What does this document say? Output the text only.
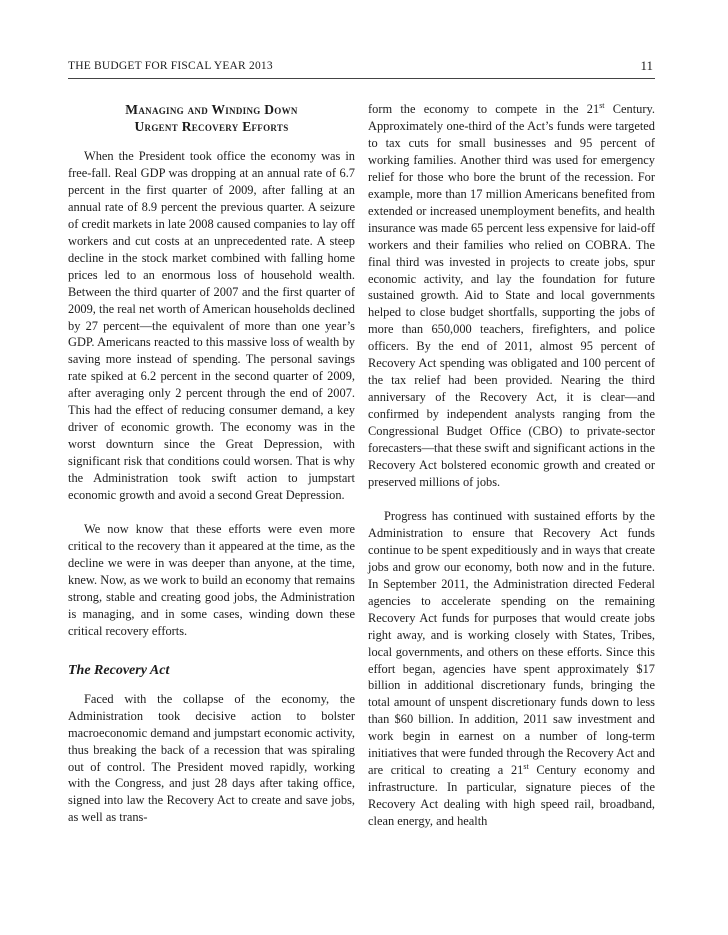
THE BUDGET FOR FISCAL YEAR 2013	11
Managing and Winding Down
Urgent Recovery Efforts

When the President took office the economy was in free-fall. Real GDP was dropping at an annual rate of 6.7 percent in the first quarter of 2009, after falling at an annual rate of 8.9 percent the previous quarter. A seizure of credit markets in late 2008 caused companies to lay off workers and cut costs at an unprecedented rate. A steep decline in the stock market combined with falling home prices led to an enormous loss of household wealth. Between the third quarter of 2007 and the first quarter of 2009, the real net worth of American households declined by 27 percent—the equivalent of more than one year’s GDP. Americans reacted to this massive loss of wealth by saving more instead of spending. The personal savings rate spiked at 6.2 percent in the second quarter of 2009, after averaging only 2 percent through the end of 2007. This had the effect of reducing consumer demand, a key driver of economic growth. The economy was in the worst downturn since the Great Depression, with significant risk that conditions could worsen. That is why the Administration took swift action to jumpstart economic growth and avoid a second Great Depression.

We now know that these efforts were even more critical to the recovery than it appeared at the time, as the decline we were in was deeper than anyone, at the time, knew. Now, as we work to build an economy that remains strong, stable and creating good jobs, the Administration is managing, and in some cases, winding down these critical recovery efforts.

The Recovery Act

Faced with the collapse of the economy, the Administration took decisive action to bolster macroeconomic demand and jumpstart economic activity, thus breaking the back of a recession that was spiraling out of control. The President moved rapidly, working with the Congress, and just 28 days after taking office, signed into law the Recovery Act to create and save jobs, as well as trans-

form the economy to compete in the 21st Century. Approximately one-third of the Act’s funds were targeted to tax cuts for small businesses and 95 percent of working families. Another third was used for emergency relief for those who bore the brunt of the recession. For example, more than 17 million Americans benefited from extended or increased unemployment benefits, and health insurance was made 65 percent less expensive for laid-off workers and their families who relied on COBRA. The final third was invested in projects to create jobs, spur economic activity, and lay the foundation for future sustained growth. Aid to State and local governments helped to close budget shortfalls, supporting the jobs of more than 650,000 teachers, firefighters, and police officers. By the end of 2011, almost 95 percent of Recovery Act spending was obligated and 100 percent of the tax relief had been provided. Nearing the third anniversary of the Recovery Act, it is clear—and confirmed by independent analysts ranging from the Congressional Budget Office (CBO) to private-sector forecasters—that these swift and significant actions in the Recovery Act bolstered economic growth and created or preserved millions of jobs.

Progress has continued with sustained efforts by the Administration to ensure that Recovery Act funds continue to be spent expeditiously and in ways that create jobs and grow our economy, both now and in the future. In September 2011, the Administration directed Federal agencies to accelerate spending on the remaining Recovery Act funds for purposes that would create jobs right away, and is working closely with States, Tribes, local governments, and others on these efforts. Since this effort began, agencies have spent approximately $17 billion in additional discretionary funds, bringing the total amount of unspent discretionary funds down to less than $60 billion. In addition, 2011 saw investment and work begin in earnest on a number of long-term initiatives that were funded through the Recovery Act and are critical to creating a 21st Century economy and infrastructure. In particular, signature pieces of the Recovery Act dealing with high speed rail, broadband, clean energy, and health
